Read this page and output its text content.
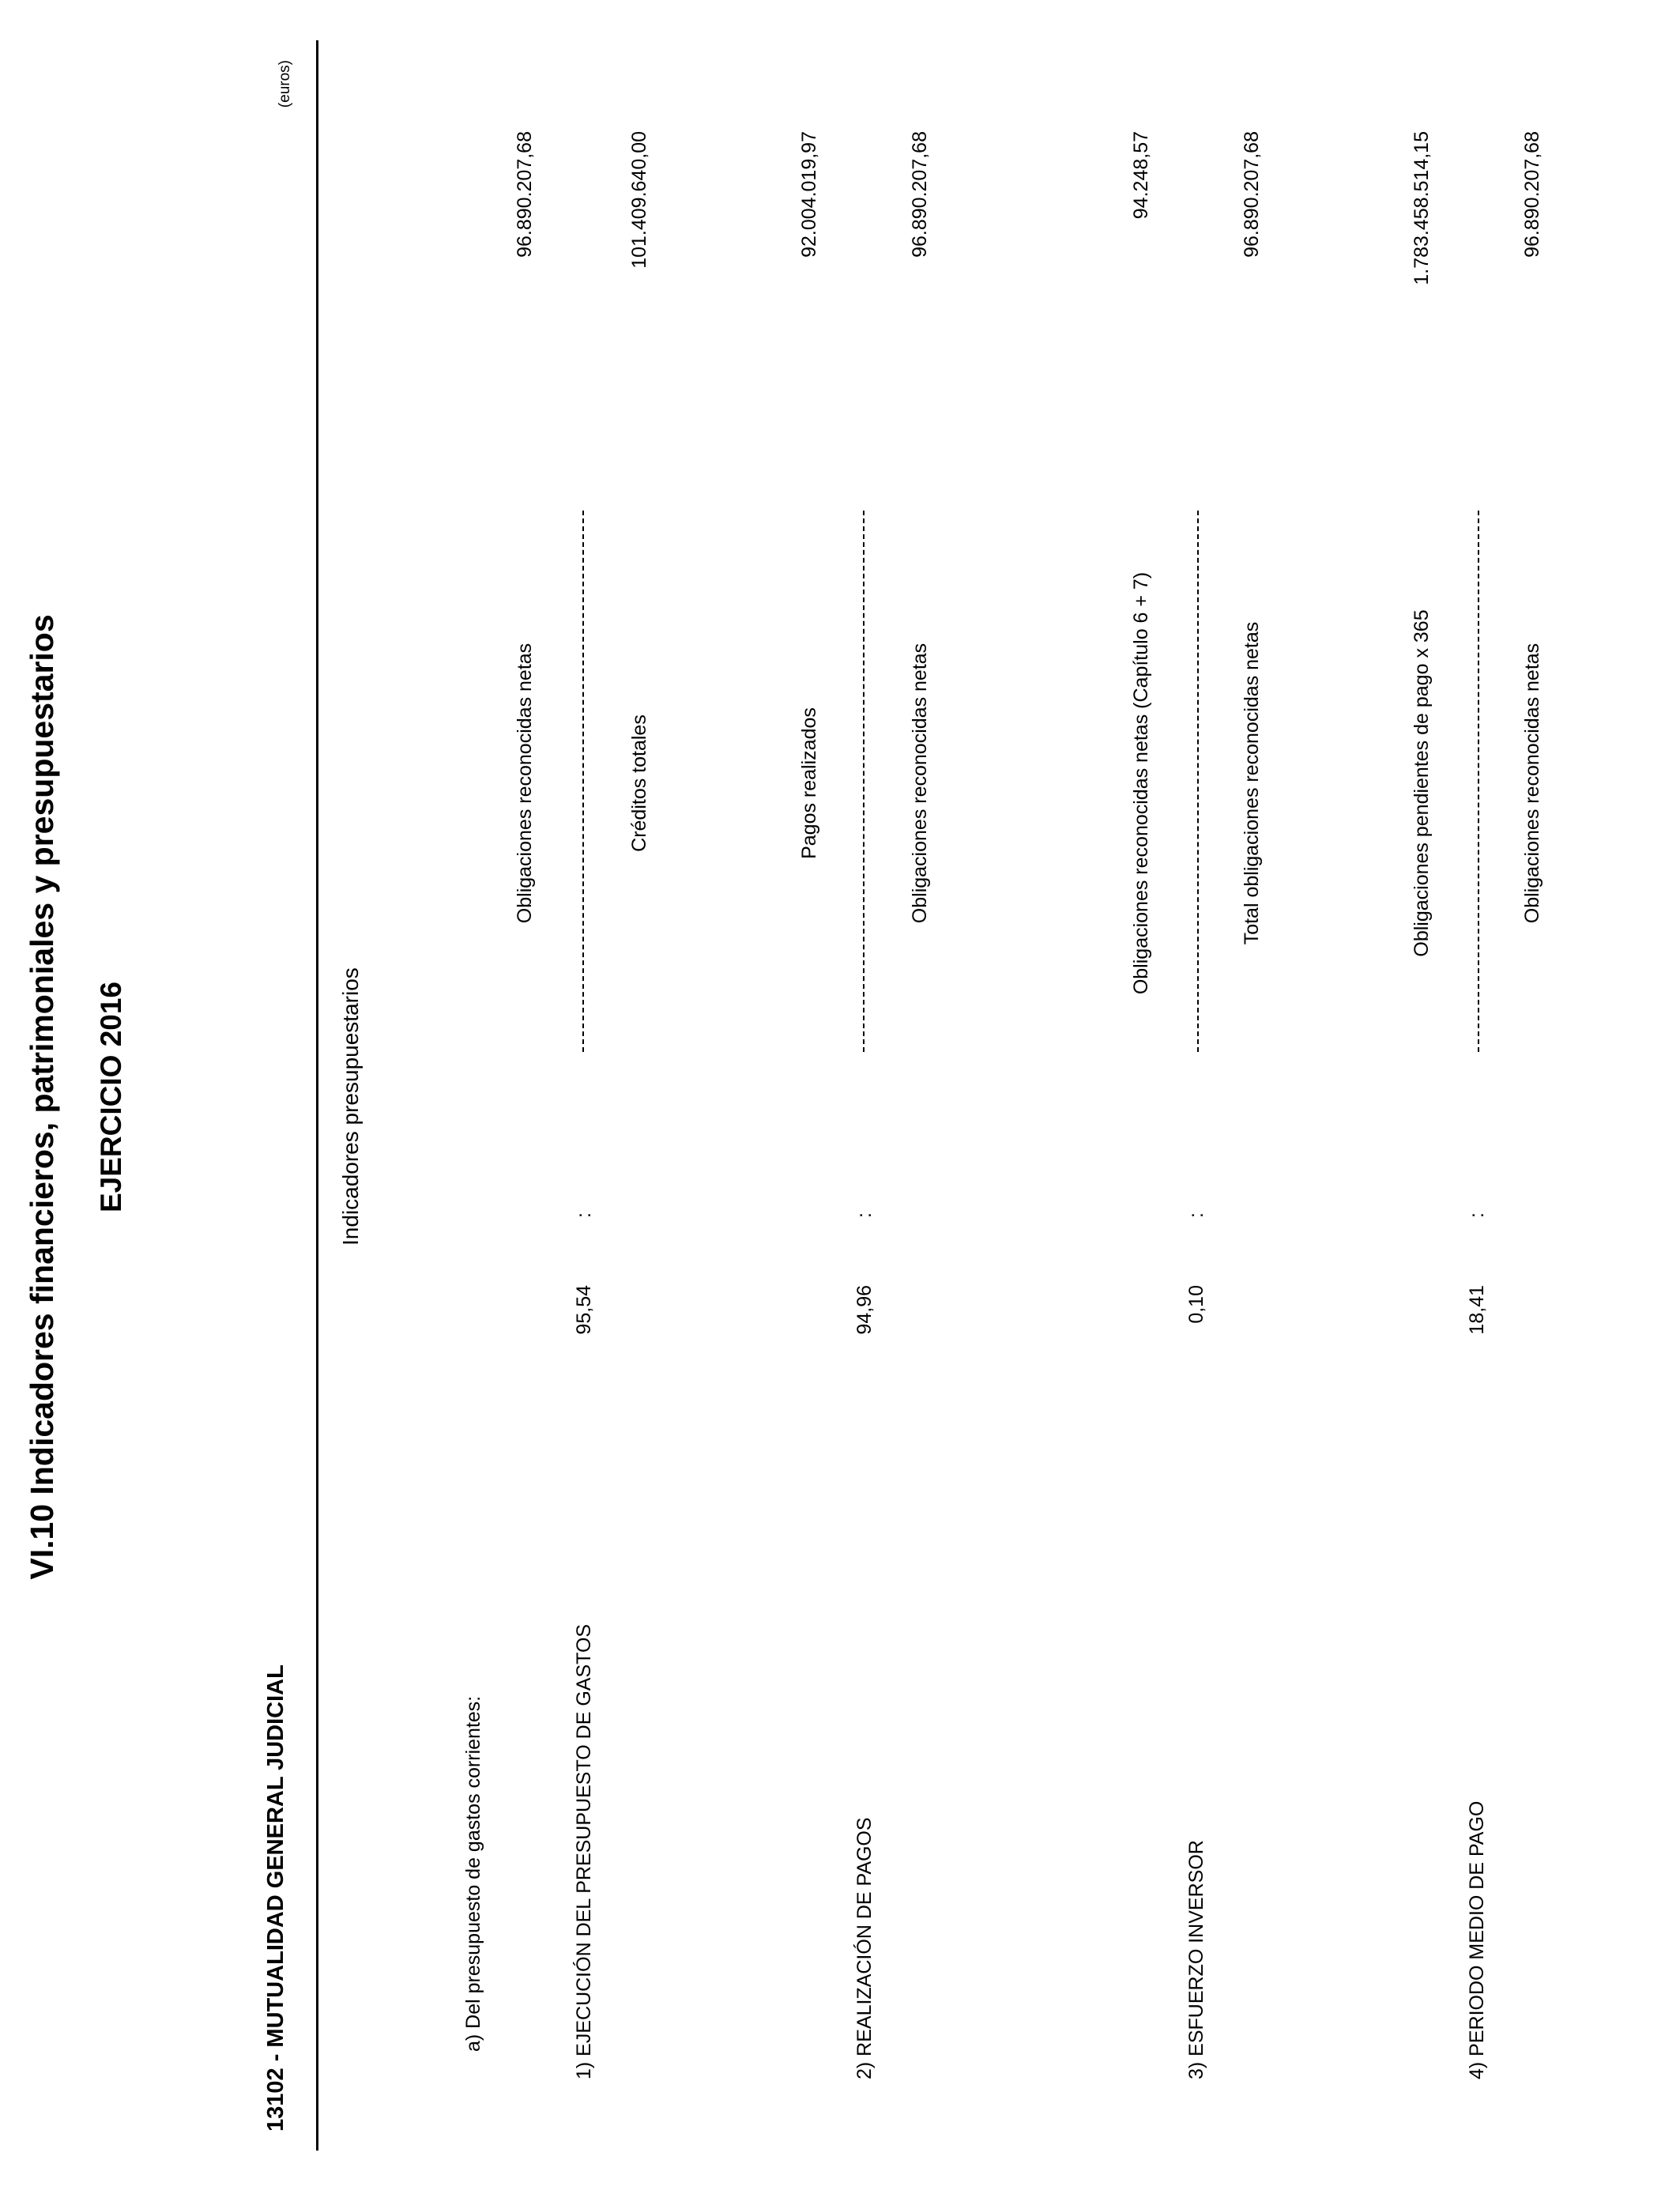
VI.10 Indicadores financieros, patrimoniales y presupuestarios EJERCICIO 2016
13102 - MUTUALIDAD GENERAL JUDICIAL
Indicadores presupuestarios
(euros)
a) Del presupuesto de gastos corrientes:	1) EJECUCIÓN DEL PRESUPUESTO DE GASTOS
95,54
:
Obligaciones reconocidas netas	Créditos totales
96.890.207,68	101.409.640,00
2) REALIZACIÓN DE PAGOS
94,96
:
Pagos realizados	Obligaciones reconocidas netas
92.004.019,97	96.890.207,68
3) ESFUERZO INVERSOR
0,10
:
Obligaciones reconocidas netas (Capítulo 6 + 7)	Total obligaciones reconocidas netas
94.248,57	96.890.207,68
4) PERIODO MEDIO DE PAGO
18,41
:
Obligaciones pendientes de pago x 365	Obligaciones reconocidas netas
1.783.458.514,15	96.890.207,68
